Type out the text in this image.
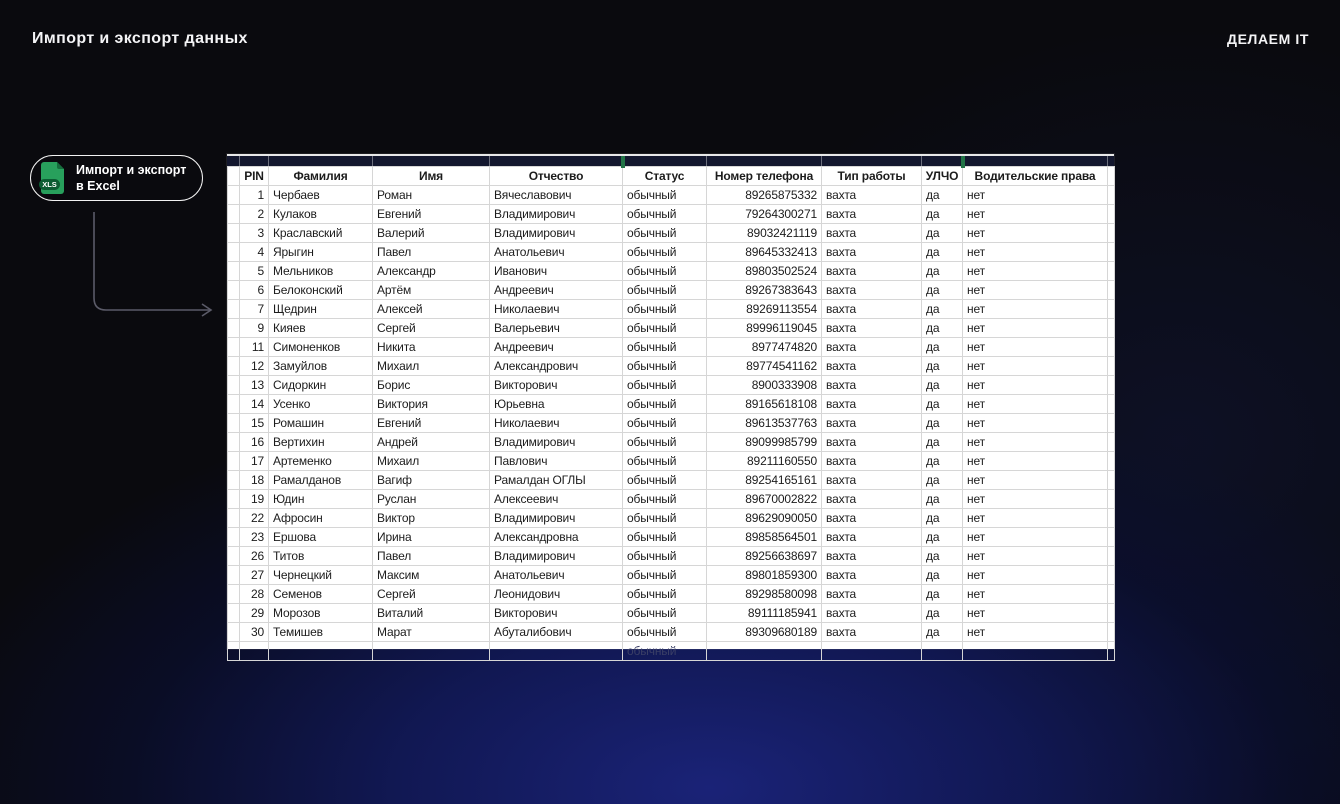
Импорт и экспорт данных	ДЕЛАЕМ IT
XLS
Импорт и экспорт
в Excel
	PIN	Фамилия	Имя	Отчество	Статус	Номер телефона	Тип работы	УЛЧО	Водительские права	
	1	Чербаев	Роман	Вячеславович	обычный	89265875332	вахта	да	нет	
	2	Кулаков	Евгений	Владимирович	обычный	79264300271	вахта	да	нет	
	3	Краславский	Валерий	Владимирович	обычный	89032421119	вахта	да	нет	
	4	Ярыгин	Павел	Анатольевич	обычный	89645332413	вахта	да	нет	
	5	Мельников	Александр	Иванович	обычный	89803502524	вахта	да	нет	
	6	Белоконский	Артём	Андреевич	обычный	89267383643	вахта	да	нет	
	7	Щедрин	Алексей	Николаевич	обычный	89269113554	вахта	да	нет	
	9	Кияев	Сергей	Валерьевич	обычный	89996119045	вахта	да	нет	
	11	Симоненков	Никита	Андреевич	обычный	8977474820	вахта	да	нет	
	12	Замуйлов	Михаил	Александрович	обычный	89774541162	вахта	да	нет	
	13	Сидоркин	Борис	Викторович	обычный	8900333908	вахта	да	нет	
	14	Усенко	Виктория	Юрьевна	обычный	89165618108	вахта	да	нет	
	15	Ромашин	Евгений	Николаевич	обычный	89613537763	вахта	да	нет	
	16	Вертихин	Андрей	Владимирович	обычный	89099985799	вахта	да	нет	
	17	Артеменко	Михаил	Павлович	обычный	89211160550	вахта	да	нет	
	18	Рамалданов	Вагиф	Рамалдан ОГЛЫ	обычный	89254165161	вахта	да	нет	
	19	Юдин	Руслан	Алексеевич	обычный	89670002822	вахта	да	нет	
	22	Афросин	Виктор	Владимирович	обычный	89629090050	вахта	да	нет	
	23	Ершова	Ирина	Александровна	обычный	89858564501	вахта	да	нет	
	26	Титов	Павел	Владимирович	обычный	89256638697	вахта	да	нет	
	27	Чернецкий	Максим	Анатольевич	обычный	89801859300	вахта	да	нет	
	28	Семенов	Сергей	Леонидович	обычный	89298580098	вахта	да	нет	
	29	Морозов	Виталий	Викторович	обычный	89111185941	вахта	да	нет	
	30	Темишев	Марат	Абуталибович	обычный	89309680189	вахта	да	нет	
					обычный					
